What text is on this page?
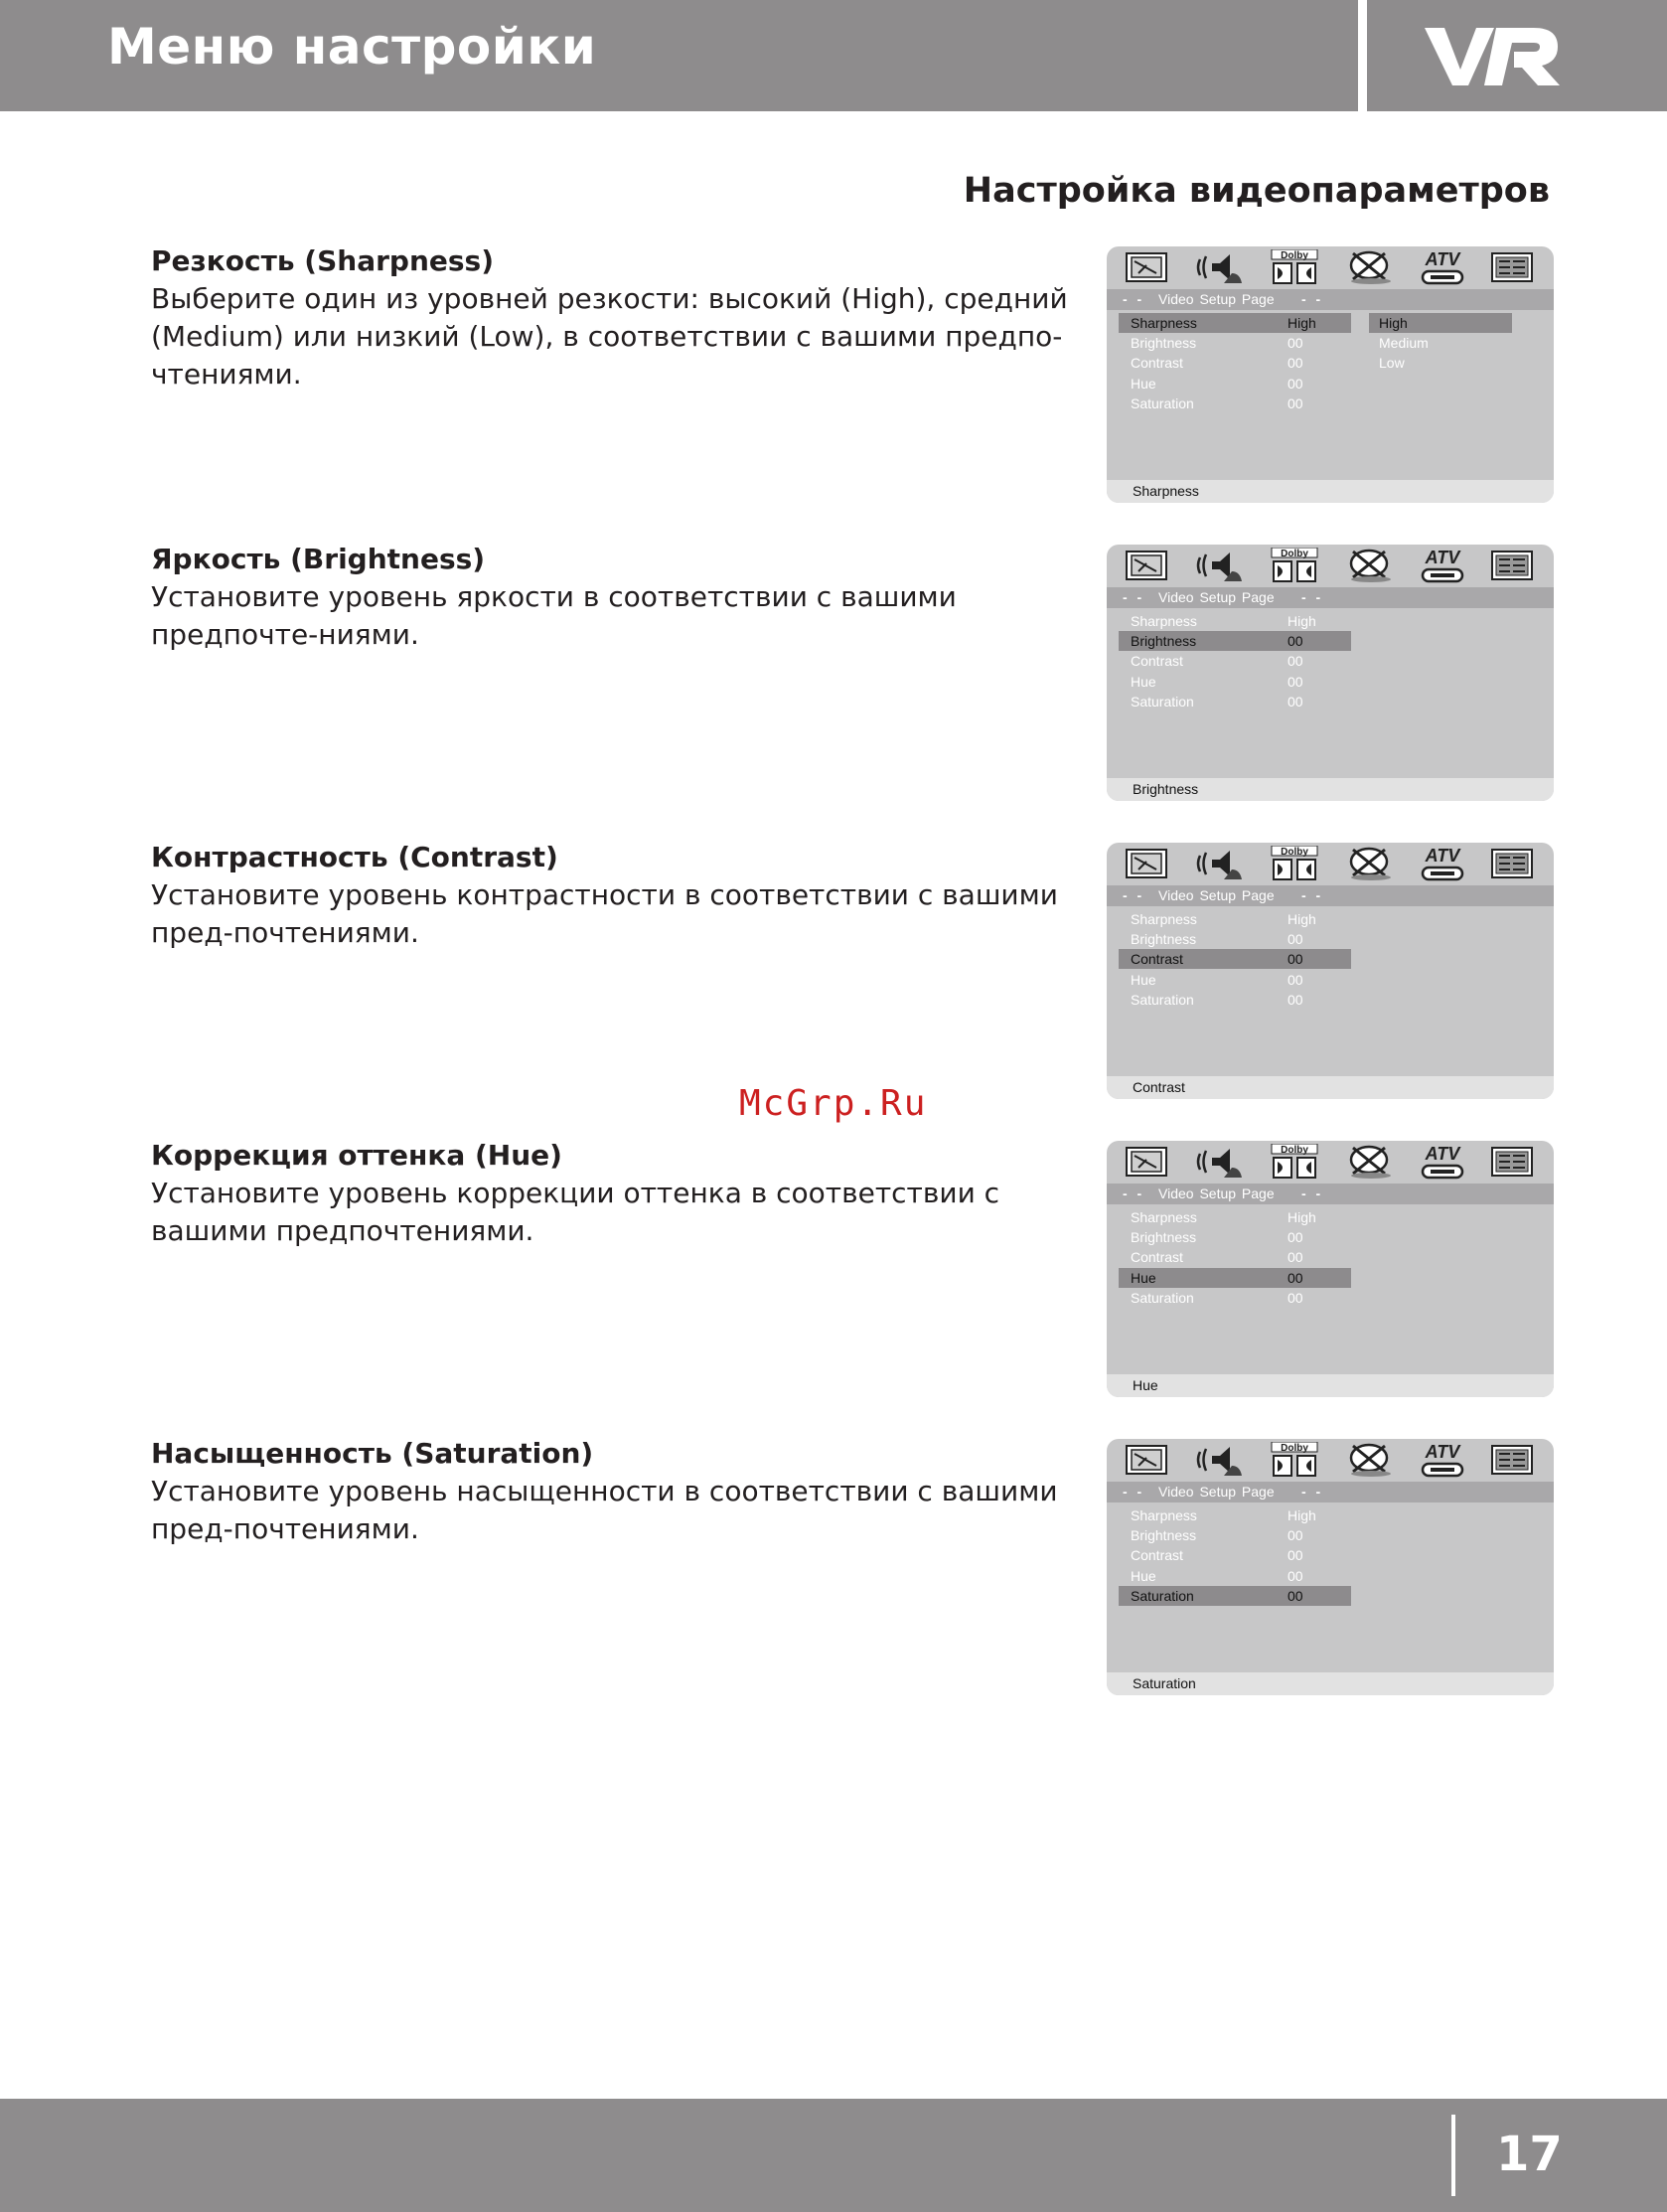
Меню настройки
Настройка видеопараметров

Резкость (Sharpness)

Выберите один из уровней резкости: высокий (High), средний (Medium) или низкий (Low), в соответствии с вашими предпо-чтениями.

Яркость (Brightness)

Установите уровень яркости в соответствии с вашими предпочте-ниями.

Контрастность (Contrast)

Установите уровень контрастности в соответствии с вашими пред-почтениями.

Коррекция оттенка (Hue)

Установите уровень коррекции оттенка в соответствии с вашими предпочтениями.

Насыщенность (Saturation)

Установите уровень насыщенности в соответствии с вашими пред-почтениями.

Dolby	ATV
- - Video Setup Page - -
Sharpness	High
Brightness	00
Contrast	00
Hue	00
Saturation	00
Sharpness
High
Medium
Low
Dolby	ATV
- - Video Setup Page - -
Sharpness	High
Brightness	00
Contrast	00
Hue	00
Saturation	00
Brightness
Dolby	ATV
- - Video Setup Page - -
Sharpness	High
Brightness	00
Contrast	00
Hue	00
Saturation	00
Contrast
Dolby	ATV
- - Video Setup Page - -
Sharpness	High
Brightness	00
Contrast	00
Hue	00
Saturation	00
Hue
Dolby	ATV
- - Video Setup Page - -
Sharpness	High
Brightness	00
Contrast	00
Hue	00
Saturation	00
Saturation
McGrp.Ru
17
